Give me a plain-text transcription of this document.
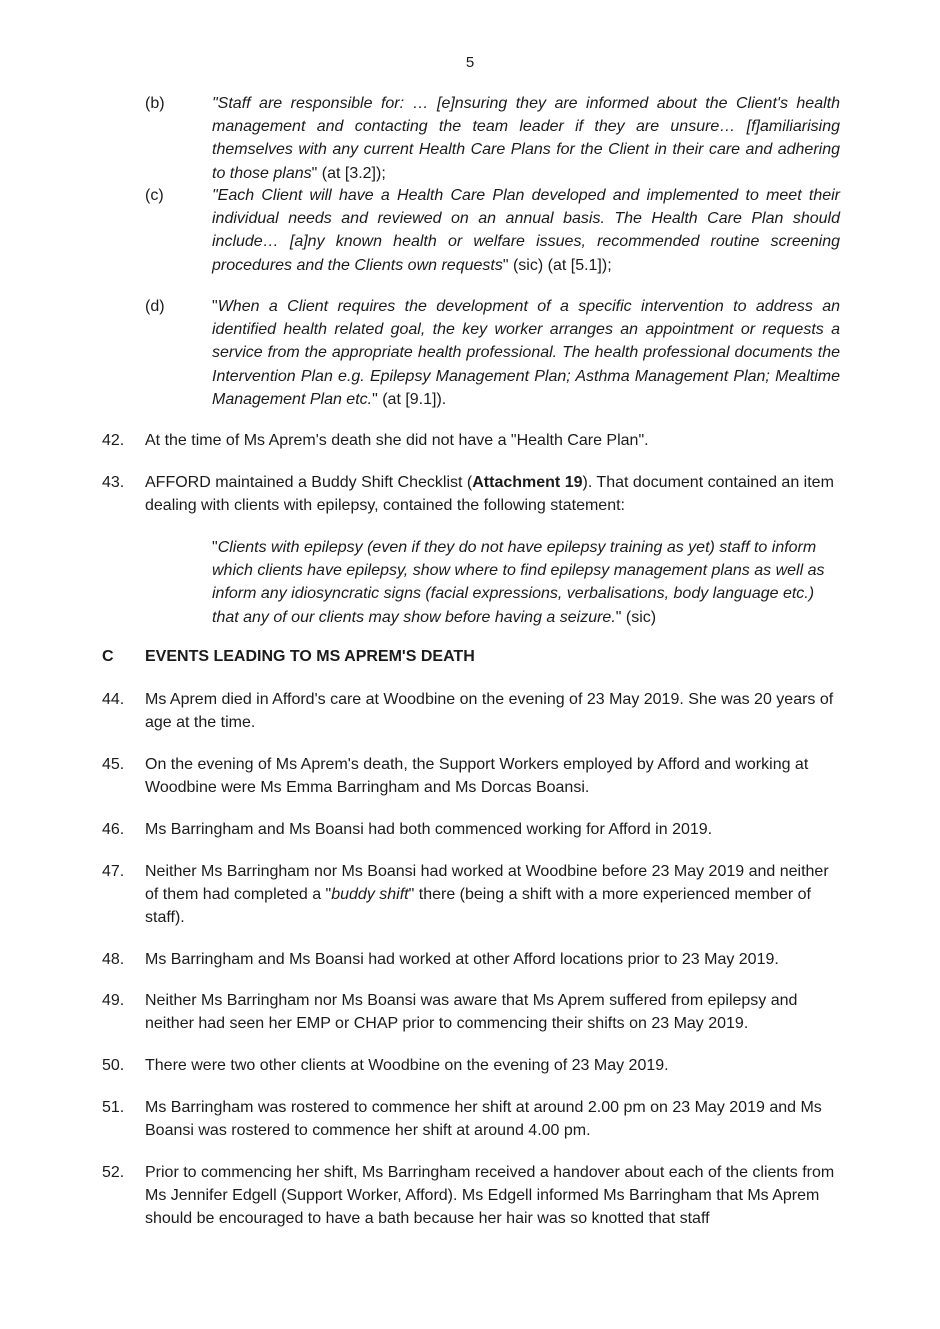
5
(b)	"Staff are responsible for: … [e]nsuring they are informed about the Client's health management and contacting the team leader if they are unsure… [f]amiliarising themselves with any current Health Care Plans for the Client in their care and adhering to those plans" (at [3.2]);
(c)	"Each Client will have a Health Care Plan developed and implemented to meet their individual needs and reviewed on an annual basis. The Health Care Plan should include… [a]ny known health or welfare issues, recommended routine screening procedures and the Clients own requests" (sic) (at [5.1]);
(d)	"When a Client requires the development of a specific intervention to address an identified health related goal, the key worker arranges an appointment or requests a service from the appropriate health professional. The health professional documents the Intervention Plan e.g. Epilepsy Management Plan; Asthma Management Plan; Mealtime Management Plan etc." (at [9.1]).
42. At the time of Ms Aprem's death she did not have a "Health Care Plan".
43. AFFORD maintained a Buddy Shift Checklist (Attachment 19). That document contained an item dealing with clients with epilepsy, contained the following statement:
"Clients with epilepsy (even if they do not have epilepsy training as yet) staff to inform which clients have epilepsy, show where to find epilepsy management plans as well as inform any idiosyncratic signs (facial expressions, verbalisations, body language etc.) that any of our clients may show before having a seizure." (sic)
C EVENTS LEADING TO MS APREM'S DEATH
44. Ms Aprem died in Afford's care at Woodbine on the evening of 23 May 2019. She was 20 years of age at the time.
45. On the evening of Ms Aprem's death, the Support Workers employed by Afford and working at Woodbine were Ms Emma Barringham and Ms Dorcas Boansi.
46. Ms Barringham and Ms Boansi had both commenced working for Afford in 2019.
47. Neither Ms Barringham nor Ms Boansi had worked at Woodbine before 23 May 2019 and neither of them had completed a "buddy shift" there (being a shift with a more experienced member of staff).
48. Ms Barringham and Ms Boansi had worked at other Afford locations prior to 23 May 2019.
49. Neither Ms Barringham nor Ms Boansi was aware that Ms Aprem suffered from epilepsy and neither had seen her EMP or CHAP prior to commencing their shifts on 23 May 2019.
50. There were two other clients at Woodbine on the evening of 23 May 2019.
51. Ms Barringham was rostered to commence her shift at around 2.00 pm on 23 May 2019 and Ms Boansi was rostered to commence her shift at around 4.00 pm.
52. Prior to commencing her shift, Ms Barringham received a handover about each of the clients from Ms Jennifer Edgell (Support Worker, Afford). Ms Edgell informed Ms Barringham that Ms Aprem should be encouraged to have a bath because her hair was so knotted that staff
